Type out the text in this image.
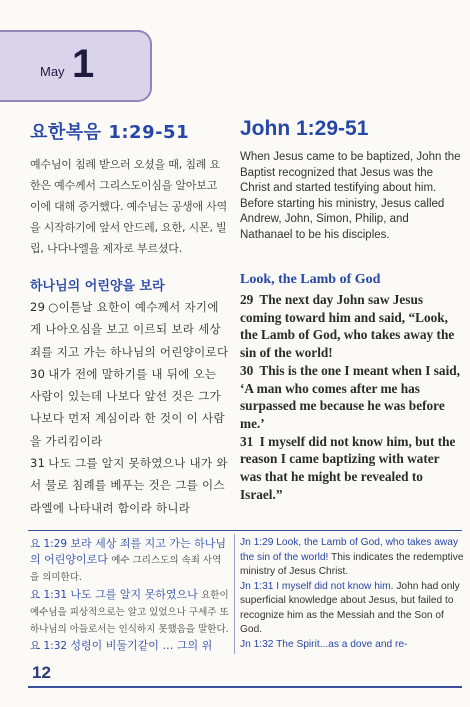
May 1
요한복음 1:29-51

예수님이 침례 받으러 오셨을 때, 침례 요한은 예수께서 그리스도이심을 알아보고 이에 대해 증거했다. 예수님는 공생애 사역을 시작하기에 앞서 안드레, 요한, 시몬, 빌립, 나다나엘을 제자로 부르셨다.

하나님의 어린양을 보라
29 ○이튿날 요한이 예수께서 자기에게 나아오심을 보고 이르되 보라 세상 죄를 지고 가는 하나님의 어린양이로다
30 내가 전에 말하기를 내 뒤에 오는 사람이 있는데 나보다 앞선 것은 그가 나보다 먼저 계심이라 한 것이 이 사람을 가리킴이라
31 나도 그를 알지 못하였으나 내가 와서 물로 침례를 베푸는 것은 그를 이스라엘에 나타내려 함이라 하니라
John 1:29-51

When Jesus came to be baptized, John the Baptist recognized that Jesus was the Christ and started testifying about him. Before starting his ministry, Jesus called Andrew, John, Simon, Philip, and Nathanael to be his disciples.

Look, the Lamb of God
29 The next day John saw Jesus coming toward him and said, “Look, the Lamb of God, who takes away the sin of the world!
30 This is the one I meant when I said, ‘A man who comes after me has surpassed me because he was before me.’
31 I myself did not know him, but the reason I came baptizing with water was that he might be revealed to Israel.”

요 1:29 보라 세상 죄를 지고 가는 하나님의 어린양이로다 예수 그리스도의 속죄 사역을 의미한다.

요 1:31 나도 그를 알지 못하였으나 요한이 예수님을 피상적으로는 알고 있었으나 구세주 또 하나님의 아들로서는 인식하지 못했음을 말한다.

요 1:32 성령이 비둘기같이 … 그의 위

Jn 1:29 Look, the Lamb of God, who takes away the sin of the world! This indicates the redemptive ministry of Jesus Christ.

Jn 1:31 I myself did not know him. John had only superficial knowledge about Jesus, but failed to recognize him as the Messiah and the Son of God.

Jn 1:32 The Spirit...as a dove and re-

12
